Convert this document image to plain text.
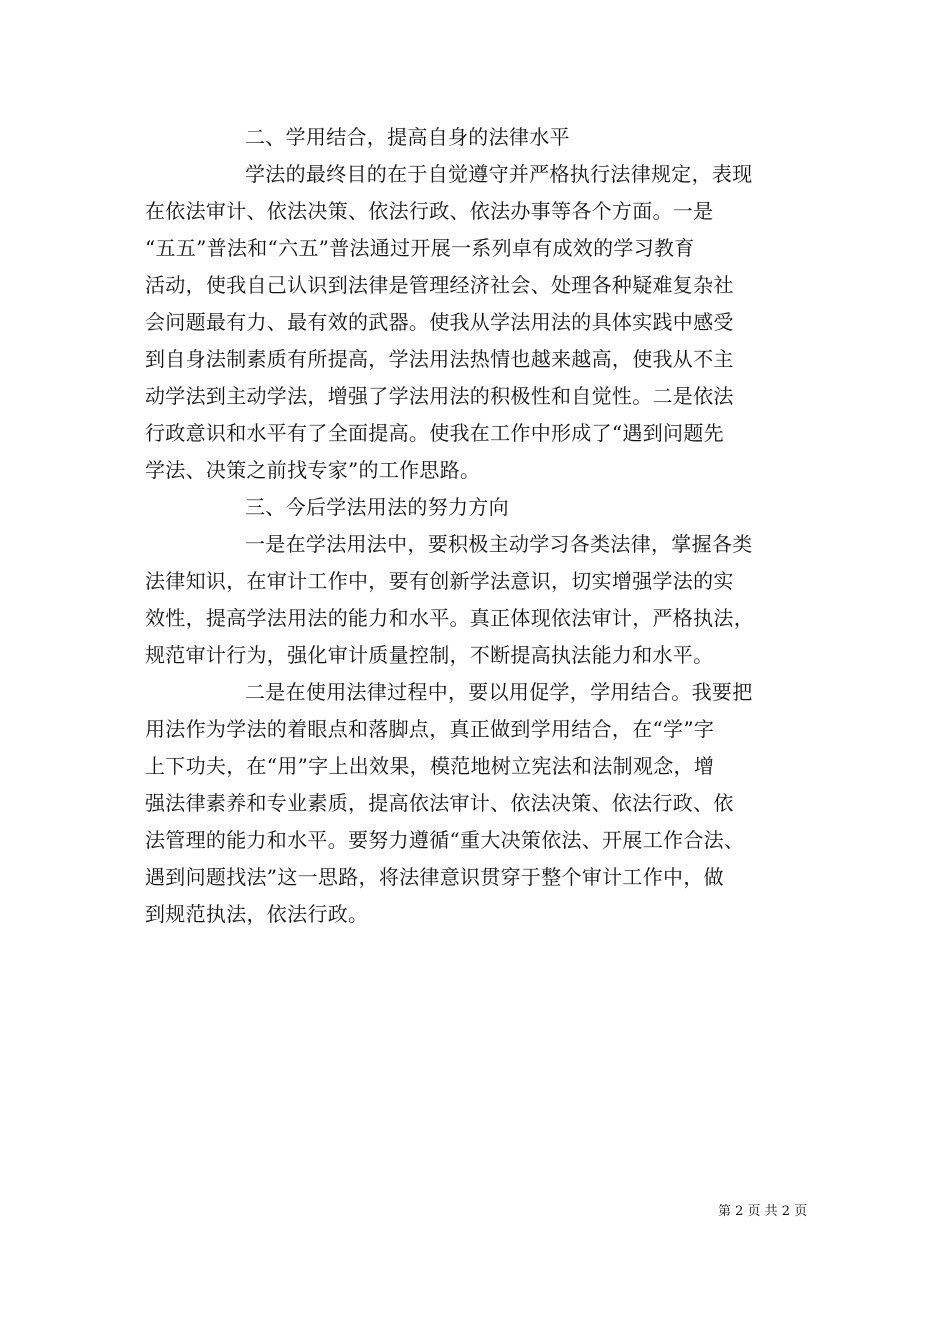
二、学用结合，提高自身的法律水平
学法的最终目的在于自觉遵守并严格执行法律规定，表现
在依法审计、依法决策、依法行政、依法办事等各个方面。一是
“五五”普法和“六五”普法通过开展一系列卓有成效的学习教育
活动，使我自己认识到法律是管理经济社会、处理各种疑难复杂社
会问题最有力、最有效的武器。使我从学法用法的具体实践中感受
到自身法制素质有所提高，学法用法热情也越来越高，使我从不主
动学法到主动学法，增强了学法用法的积极性和自觉性。二是依法
行政意识和水平有了全面提高。使我在工作中形成了“遇到问题先
学法、决策之前找专家”的工作思路。
三、今后学法用法的努力方向
一是在学法用法中，要积极主动学习各类法律，掌握各类
法律知识，在审计工作中，要有创新学法意识，切实增强学法的实
效性，提高学法用法的能力和水平。真正体现依法审计，严格执法，
规范审计行为，强化审计质量控制，不断提高执法能力和水平。
二是在使用法律过程中，要以用促学，学用结合。我要把
用法作为学法的着眼点和落脚点，真正做到学用结合，在“学”字
上下功夫，在“用”字上出效果，模范地树立宪法和法制观念，增
强法律素养和专业素质，提高依法审计、依法决策、依法行政、依
法管理的能力和水平。要努力遵循“重大决策依法、开展工作合法、
遇到问题找法”这一思路，将法律意识贯穿于整个审计工作中，做
到规范执法，依法行政。
第 2 页 共 2 页
